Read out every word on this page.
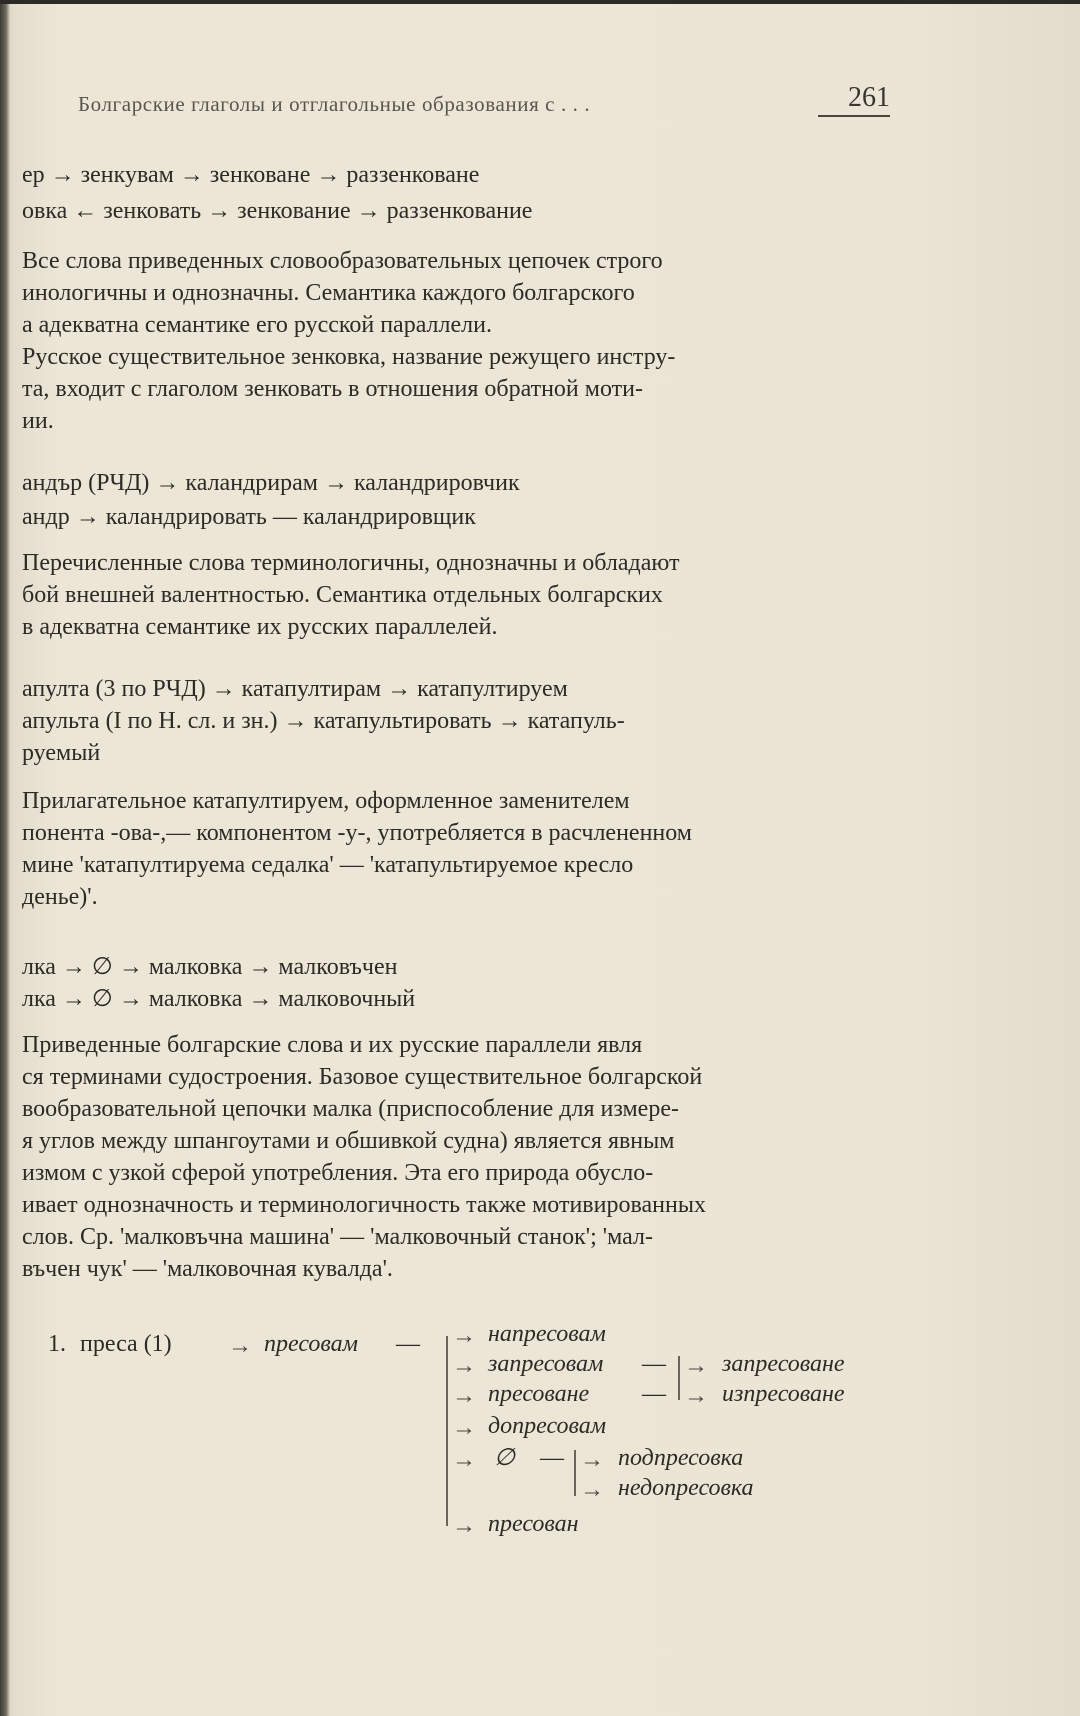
Болгарские глаголы и отглагольные образования с . . .	261
ер → зенкувам → зенковане → раззенковане
овка ← зенковать → зенкование → раззенкование
Все слова приведенных словообразовательных цепочек строго
инологичны и однозначны. Семантика каждого болгарского
а адекватна семантике его русской параллели.
Русское существительное зенковка, название режущего инстру-
та, входит с глаголом зенковать в отношения обратной моти-
ии.
андър (РЧД) → каландрирам → каландрировчик
андр → каландрировать — каландрировщик
Перечисленные слова терминологичны, однозначны и обладают
бой внешней валентностью. Семантика отдельных болгарских
в адекватна семантике их русских параллелей.
апулта (3 по РЧД) → катапултирам → катапултируем
апульта (I по Н. сл. и зн.) → катапультировать → катапуль-
руемый
Прилагательное катапултируем, оформленное заменителем
понента -ова-,— компонентом -у-, употребляется в расчлененном
мине 'катапултируема седалка' — 'катапультируемое кресло
денье)'.
лка → ∅ → малковка → малковъчен
лка → ∅ → малковка → малковочный
Приведенные болгарские слова и их русские параллели явля
ся терминами судостроения. Базовое существительное болгарской
вообразовательной цепочки малка (приспособление для измере-
я углов между шпангоутами и обшивкой судна) является явным
измом с узкой сферой употребления. Эта его природа обусло-
ивает однозначность и терминологичность также мотивированных
слов. Ср. 'малковъчна машина' — 'малковочный станок'; 'мал-
въчен чук' — 'малковочная кувалда'.
1. преса (1) → пресовам — → напресовам
→ запресовам
→ пресоване
—
—
→ запресоване
→ изпресоване
→ допресовам
→ ∅ — → подпресовка
→ недопресовка
→ пресован
